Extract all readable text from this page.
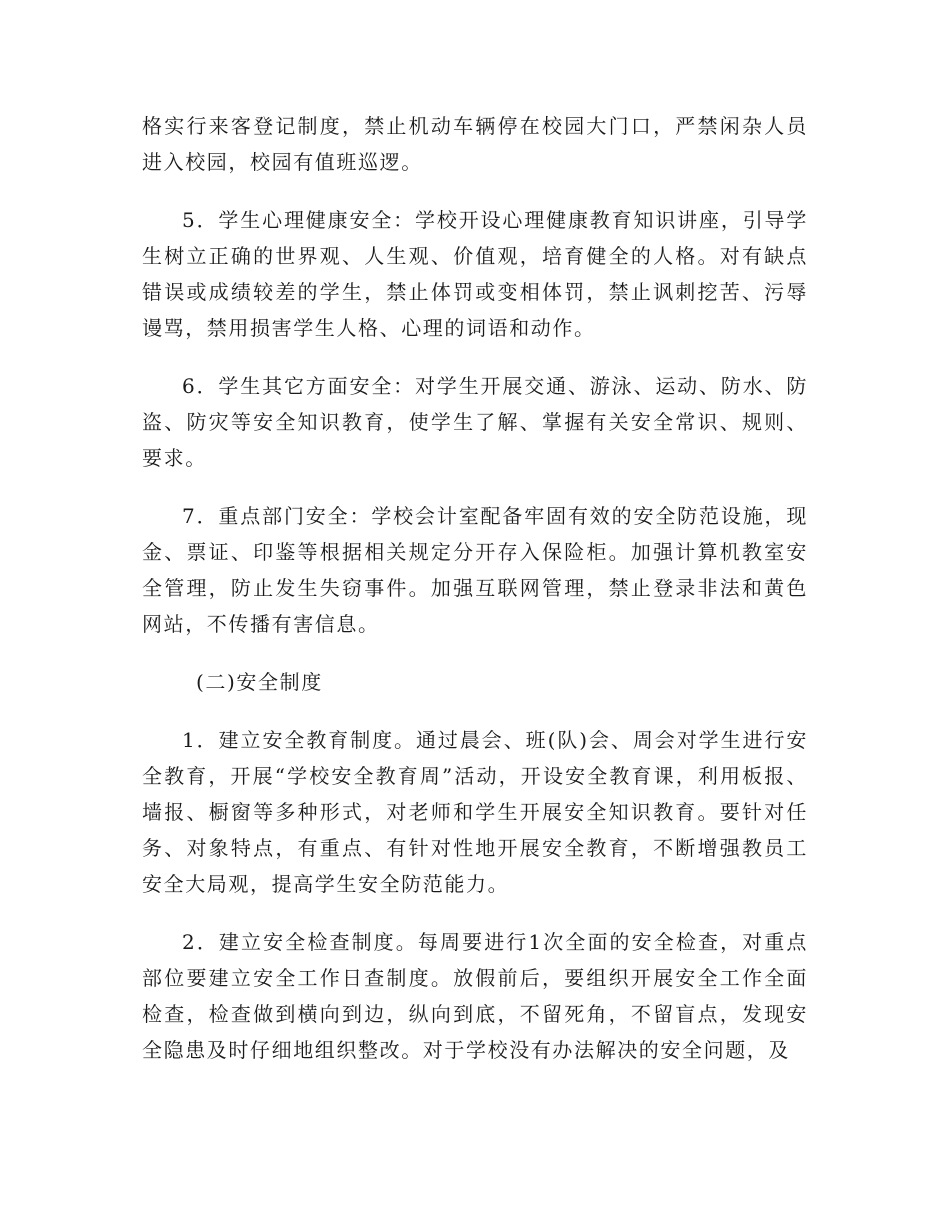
格实行来客登记制度，禁止机动车辆停在校园大门口，严禁闲杂人员进入校园，校园有值班巡逻。

5．学生心理健康安全：学校开设心理健康教育知识讲座，引导学生树立正确的世界观、人生观、价值观，培育健全的人格。对有缺点错误或成绩较差的学生，禁止体罚或变相体罚，禁止讽刺挖苦、污辱谩骂，禁用损害学生人格、心理的词语和动作。

6．学生其它方面安全：对学生开展交通、游泳、运动、防水、防盗、防灾等安全知识教育，使学生了解、掌握有关安全常识、规则、要求。

7．重点部门安全：学校会计室配备牢固有效的安全防范设施，现金、票证、印鉴等根据相关规定分开存入保险柜。加强计算机教室安全管理，防止发生失窃事件。加强互联网管理，禁止登录非法和黄色网站，不传播有害信息。

(二)安全制度

1．建立安全教育制度。通过晨会、班(队)会、周会对学生进行安全教育，开展“学校安全教育周”活动，开设安全教育课，利用板报、墙报、橱窗等多种形式，对老师和学生开展安全知识教育。要针对任务、对象特点，有重点、有针对性地开展安全教育，不断增强教员工安全大局观，提高学生安全防范能力。

2．建立安全检查制度。每周要进行1次全面的安全检查，对重点部位要建立安全工作日查制度。放假前后，要组织开展安全工作全面检查，检查做到横向到边，纵向到底，不留死角，不留盲点，发现安全隐患及时仔细地组织整改。对于学校没有办法解决的安全问题，及
